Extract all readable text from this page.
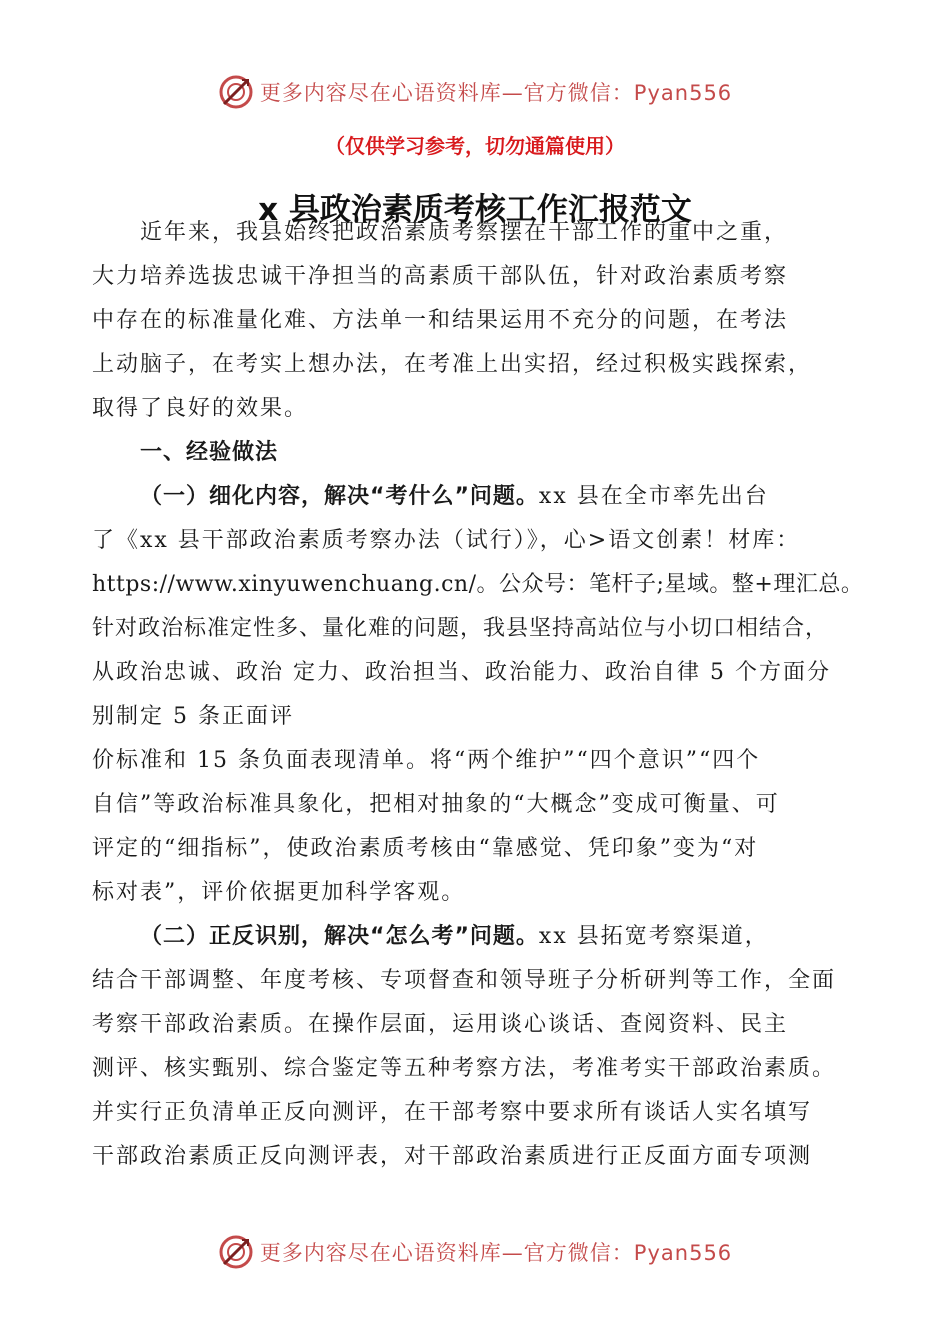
更多内容尽在心语资料库—官方微信：Pyan556
（仅供学习参考，切勿通篇使用）
x 县政治素质考核工作汇报范文
近年来，我县始终把政治素质考察摆在干部工作的重中之重，
大力培养选拔忠诚干净担当的高素质干部队伍，针对政治素质考察
中存在的标准量化难、方法单一和结果运用不充分的问题，在考法
上动脑子，在考实上想办法，在考准上出实招，经过积极实践探索，
取得了良好的效果。
一、经验做法
（一）细化内容，解决“考什么”问题。xx 县在全市率先出台
了《xx 县干部政治素质考察办法（试行）》，心>语文创素！材库：
https://www.xinyuwenchuang.cn/。公众号：笔杆子;星域。整+理汇总。
针对政治标准定性多、量化难的问题，我县坚持高站位与小切口相结合，
从政治忠诚、政治 定力、政治担当、政治能力、政治自律 5 个方面分
别制定 5 条正面评
价标准和 15 条负面表现清单。将“两个维护”“四个意识”“四个
自信”等政治标准具象化，把相对抽象的“大概念”变成可衡量、可
评定的“细指标”，使政治素质考核由“靠感觉、凭印象”变为“对
标对表”，评价依据更加科学客观。
（二）正反识别，解决“怎么考”问题。xx 县拓宽考察渠道，
结合干部调整、年度考核、专项督查和领导班子分析研判等工作，全面
考察干部政治素质。在操作层面，运用谈心谈话、查阅资料、民主
测评、核实甄别、综合鉴定等五种考察方法，考准考实干部政治素质。
并实行正负清单正反向测评，在干部考察中要求所有谈话人实名填写
干部政治素质正反向测评表，对干部政治素质进行正反面方面专项测
更多内容尽在心语资料库—官方微信：Pyan556
